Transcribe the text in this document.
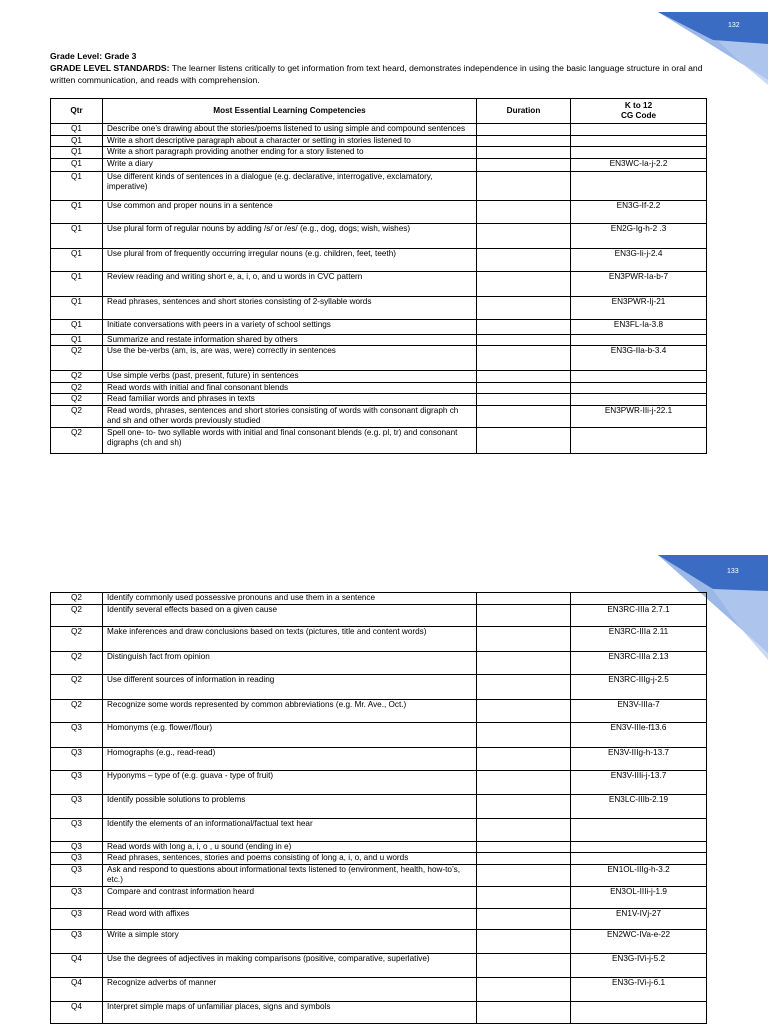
132
Grade Level: Grade 3
GRADE LEVEL STANDARDS: The learner listens critically to get information from text heard, demonstrates independence in using the basic language structure in oral and written communication, and reads with comprehension.
Qtr	Most Essential Learning Competencies	Duration	K to 12
CG Code
Q1	Describe one’s drawing about the stories/poems listened to using simple and compound sentences		
Q1	Write a short descriptive paragraph about a character or setting in stories listened to		
Q1	Write a short paragraph providing another ending for a story listened to		
Q1	Write a diary		EN3WC-Ia-j-2.2
Q1	Use different kinds of sentences in a dialogue (e.g. declarative, interrogative, exclamatory, imperative)		
Q1	Use common and proper nouns in a sentence		EN3G-If-2.2
Q1	Use plural form of regular nouns by adding /s/ or /es/ (e.g., dog, dogs; wish, wishes)		EN2G-Ig-h-2 .3
Q1	Use plural from of frequently occurring irregular nouns (e.g. children, feet, teeth)		EN3G-Ii-j-2.4
Q1	Review reading and writing short e, a, i, o, and u words in CVC pattern		EN3PWR-Ia-b-7
Q1	Read phrases, sentences and short stories consisting of 2-syllable words		EN3PWR-Ij-21
Q1	Initiate conversations with peers in a variety of school settings		EN3FL-Ia-3.8
Q1	Summarize and restate information shared by others		
Q2	Use the be-verbs (am, is, are was, were) correctly in sentences		EN3G-IIa-b-3.4
Q2	Use simple verbs (past, present, future) in sentences		
Q2	Read words with initial and final consonant blends		
Q2	Read familiar words and phrases in texts		
Q2	Read words, phrases, sentences and short stories consisting of words with consonant digraph ch and sh and other words previously studied		EN3PWR-IIi-j-22.1
Q2	Spell one- to- two syllable words with initial and final consonant blends (e.g. pl, tr) and consonant digraphs (ch and sh)		
133
Q2	Identify commonly used possessive pronouns and use them in a sentence		
Q2	Identify several effects based on a given cause		EN3RC-IIIa 2.7.1
Q2	Make inferences and draw conclusions based on texts (pictures, title and content words)		EN3RC-IIIa 2.11
Q2	Distinguish fact from opinion		EN3RC-IIIa 2.13
Q2	Use different sources of information in reading		EN3RC-IIIg-j-2.5
Q2	Recognize some words represented by common abbreviations (e.g. Mr. Ave., Oct.)		EN3V-IIIa-7
Q3	Homonyms (e.g. flower/flour)		EN3V-IIIe-f13.6
Q3	Homographs (e.g., read-read)		EN3V-IIIg-h-13.7
Q3	Hyponyms – type of (e.g. guava - type of fruit)		EN3V-IIIi-j-13.7
Q3	Identify possible solutions to problems		EN3LC-IIIb-2.19
Q3	Identify the elements of an informational/factual text hear		
Q3	Read words with long a, i, o , u sound (ending in e)		
Q3	Read phrases, sentences, stories and poems consisting of long a, i, o, and u words		
Q3	Ask and respond to questions about informational texts listened to (environment, health, how-to’s, etc.)		EN1OL-IIIg-h-3.2
Q3	Compare and contrast information heard		EN3OL-IIIi-j-1.9
Q3	Read word with affixes		EN1V-IVj-27
Q3	Write a simple story		EN2WC-IVa-e-22
Q4	Use the degrees of adjectives in making comparisons (positive, comparative, superlative)		EN3G-IVi-j-5.2
Q4	Recognize adverbs of manner		EN3G-IVi-j-6.1
Q4	Interpret simple maps of unfamiliar places, signs and symbols		
